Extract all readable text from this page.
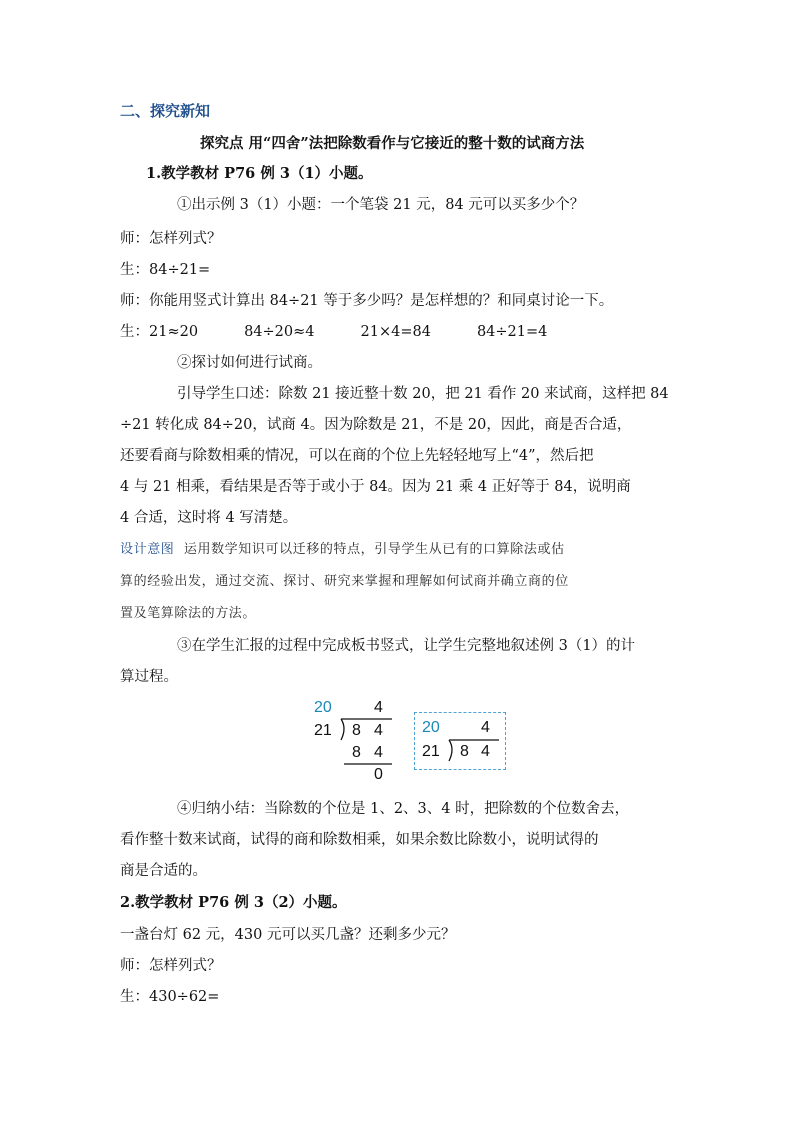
二、探究新知
探究点 用“四舍”法把除数看作与它接近的整十数的试商方法
1.教学教材 P76 例 3（1）小题。
①出示例 3（1）小题：一个笔袋 21 元，84 元可以买多少个？
师：怎样列式？
生：84÷21=
师：你能用竖式计算出 84÷21 等于多少吗？是怎样想的？和同桌讨论一下。
生：21≈20	84÷20≈4	21×4=84	84÷21=4
②探讨如何进行试商。
引导学生口述：除数 21 接近整十数 20，把 21 看作 20 来试商，这样把 84
÷21 转化成 84÷20，试商 4。因为除数是 21，不是 20，因此，商是否合适，
还要看商与除数相乘的情况，可以在商的个位上先轻轻地写上“4”，然后把
4 与 21 相乘，看结果是否等于或小于 84。因为 21 乘 4 正好等于 84，说明商
4 合适，这时将 4 写清楚。
设计意图 运用数学知识可以迁移的特点，引导学生从已有的口算除法或估
算的经验出发，通过交流、探讨、研究来掌握和理解如何试商并确立商的位
置及笔算除法的方法。
③在学生汇报的过程中完成板书竖式，让学生完整地叙述例 3（1）的计
算过程。
20	4
21 8 4
8 4
0
20	4
21 8 4
④归纳小结：当除数的个位是 1、2、3、4 时，把除数的个位数舍去，
看作整十数来试商，试得的商和除数相乘，如果余数比除数小，说明试得的
商是合适的。
2.教学教材 P76 例 3（2）小题。
一盏台灯 62 元，430 元可以买几盏？还剩多少元？
师：怎样列式？
生：430÷62=
